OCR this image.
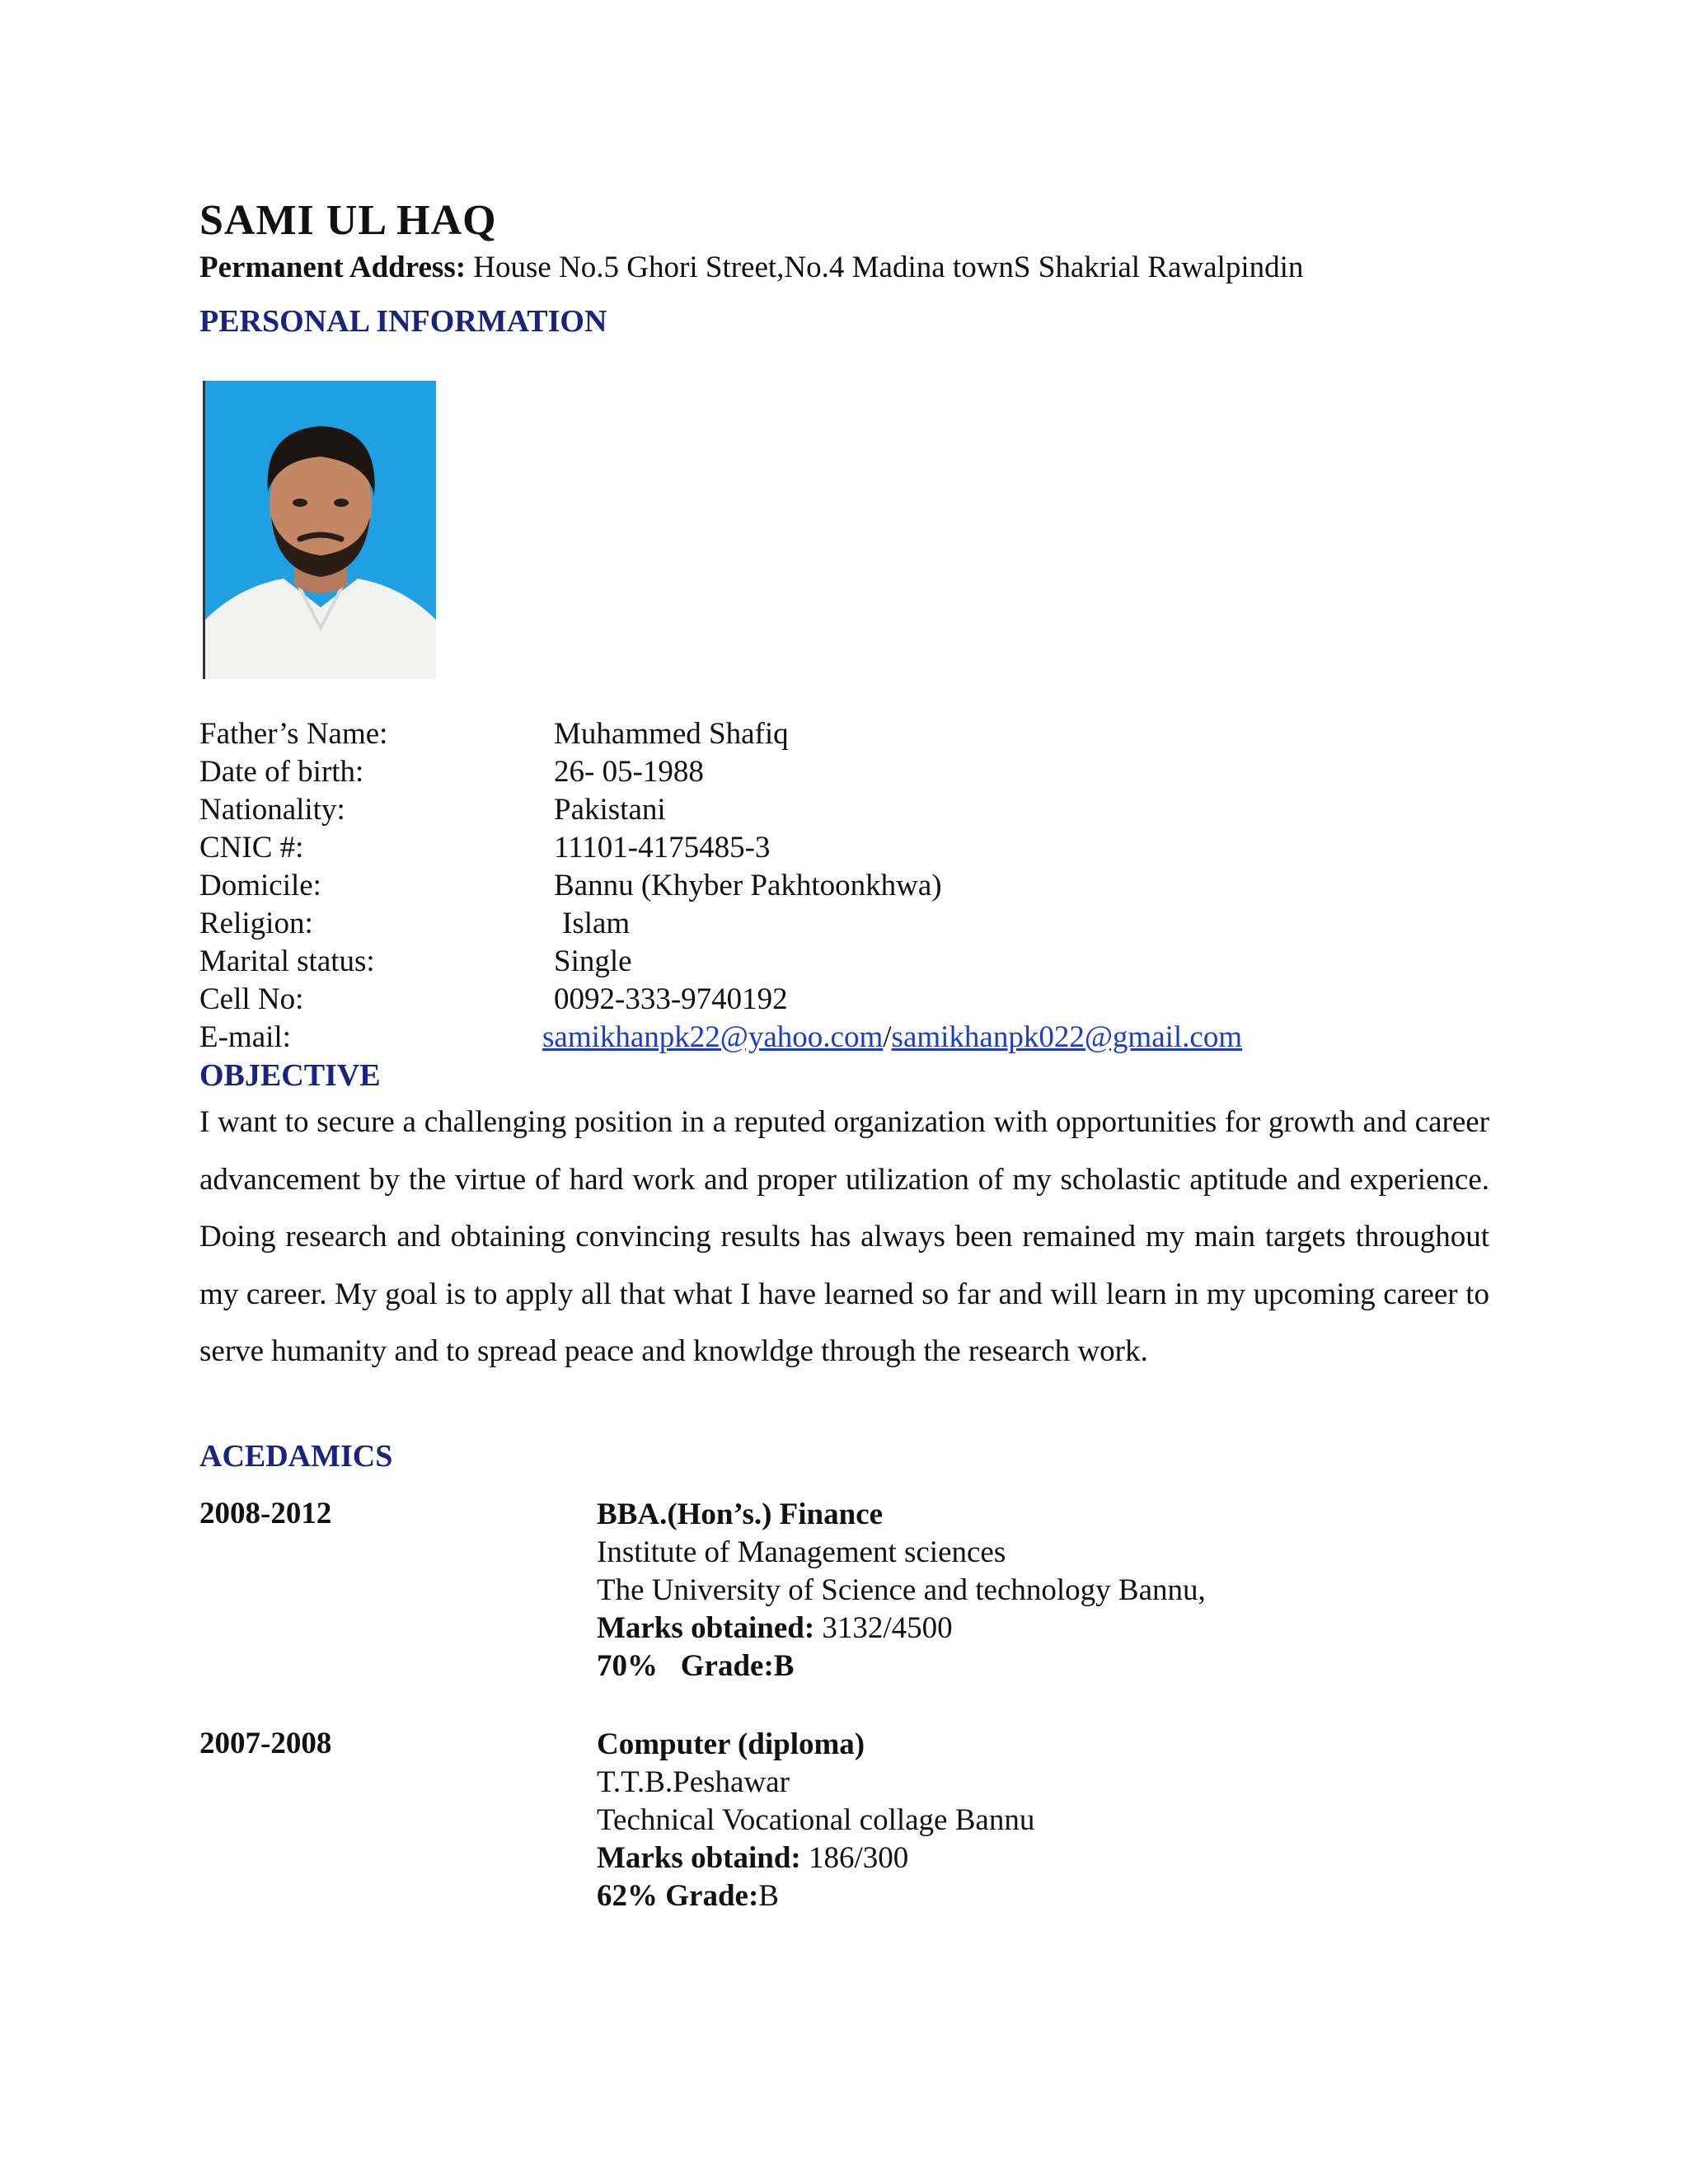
SAMI UL HAQ
Permanent Address: House No.5 Ghori Street,No.4 Madina townS Shakrial Rawalpindin
PERSONAL INFORMATION
Father’s Name:	Muhammed Shafiq
Date of birth:	26- 05-1988
Nationality:	Pakistani
CNIC #:	11101-4175485-3
Domicile:	Bannu (Khyber Pakhtoonkhwa)
Religion:	Islam
Marital status:	Single
Cell No:	0092-333-9740192
E-mail:	samikhanpk22@yahoo.com/samikhanpk022@gmail.com
OBJECTIVE
I want to secure a challenging position in a reputed organization with opportunities for growth and career advancement by the virtue of hard work and proper utilization of my scholastic aptitude and experience. Doing research and obtaining convincing results has always been remained my main targets throughout my career. My goal is to apply all that what I have learned so far and will learn in my upcoming career to serve humanity and to spread peace and knowldge through the research work.
ACEDAMICS
2008-2012	BBA.(Hon’s.) Finance
Institute of Management sciences
The University of Science and technology Bannu,
Marks obtained: 3132/4500
70%   Grade:B
2007-2008	Computer (diploma)
T.T.B.Peshawar
Technical Vocational collage Bannu
Marks obtaind: 186/300
62% Grade:B
